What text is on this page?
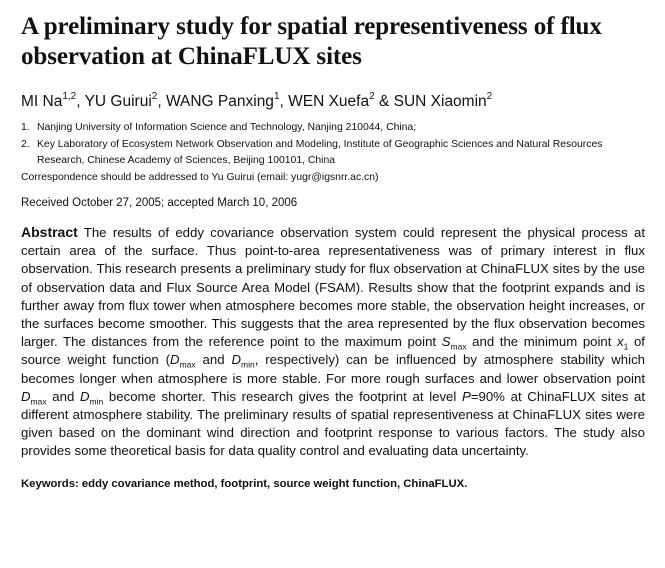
A preliminary study for spatial representiveness of flux observation at ChinaFLUX sites
MI Na$^{1,2}$, YU Guirui$^2$, WANG Panxing$^1$, WEN Xuefa$^2$ & SUN Xiaomin$^2$
1. Nanjing University of Information Science and Technology, Nanjing 210044, China;
2. Key Laboratory of Ecosystem Network Observation and Modeling, Institute of Geographic Sciences and Natural Resources
Research, Chinese Academy of Sciences, Beijing 100101, China
Correspondence should be addressed to Yu Guirui (email: yugr@igsnrr.ac.cn)
Received October 27, 2005; accepted March 10, 2006
Abstract The results of eddy covariance observation system could represent the physical process at certain area of the surface. Thus point-to-area representativeness was of primary interest in flux observation. This research presents a preliminary study for flux observation at ChinaFLUX sites by the use of observation data and Flux Source Area Model (FSAM). Results show that the footprint expands and is further away from flux tower when atmosphere becomes more stable, the observation height increases, or the surfaces become smoother. This suggests that the area represented by the flux observation becomes larger. The distances from the reference point to the maximum point $S_{max}$ and the minimum point $x_1$ of source weight function ($D_{max}$ and $D_{min}$, respectively) can be influenced by atmosphere stability which becomes longer when atmosphere is more stable. For more rough surfaces and lower observation point $D_{max}$ and $D_{min}$ become shorter. This research gives the footprint at level P=90% at ChinaFLUX sites at different atmosphere stability. The preliminary results of spatial representiveness at ChinaFLUX sites were given based on the dominant wind direction and footprint response to various factors. The study also provides some theoretical basis for data quality control and evaluating data uncertainty.
Keywords: eddy covariance method, footprint, source weight function, ChinaFLUX.
